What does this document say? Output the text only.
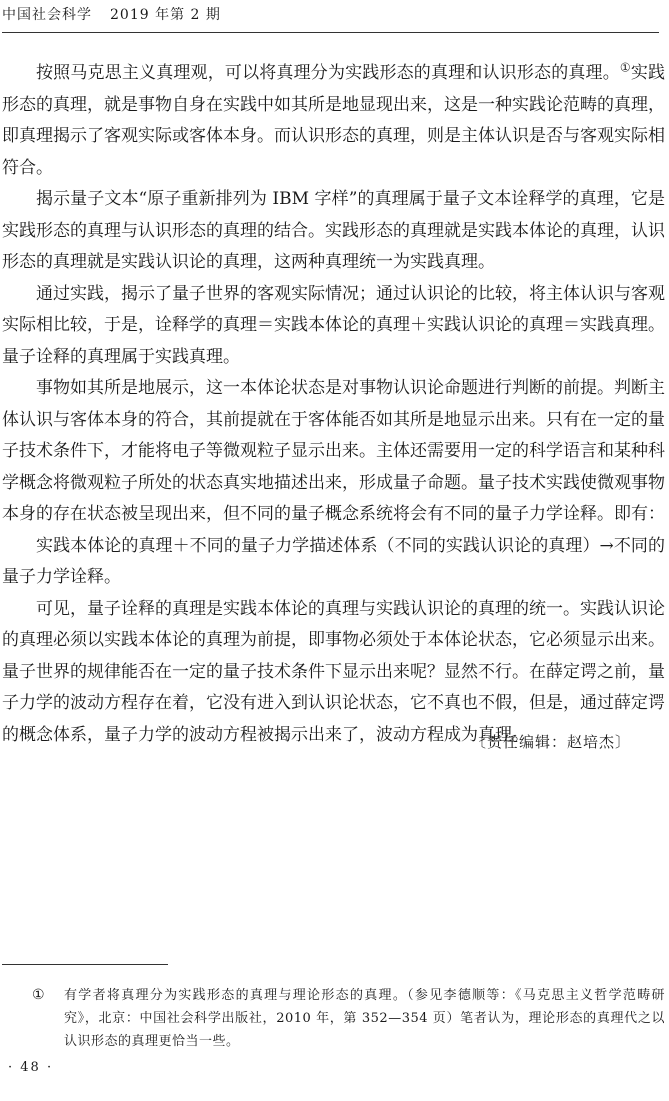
中国社会科学 2019 年第 2 期

按照马克思主义真理观，可以将真理分为实践形态的真理和认识形态的真理。①实践形态的真理，就是事物自身在实践中如其所是地显现出来，这是一种实践论范畴的真理，即真理揭示了客观实际或客体本身。而认识形态的真理，则是主体认识是否与客观实际相符合。

揭示量子文本“原子重新排列为 IBM 字样”的真理属于量子文本诠释学的真理，它是实践形态的真理与认识形态的真理的结合。实践形态的真理就是实践本体论的真理，认识形态的真理就是实践认识论的真理，这两种真理统一为实践真理。

通过实践，揭示了量子世界的客观实际情况；通过认识论的比较，将主体认识与客观实际相比较，于是，诠释学的真理＝实践本体论的真理＋实践认识论的真理＝实践真理。量子诠释的真理属于实践真理。

事物如其所是地展示，这一本体论状态是对事物认识论命题进行判断的前提。判断主体认识与客体本身的符合，其前提就在于客体能否如其所是地显示出来。只有在一定的量子技术条件下，才能将电子等微观粒子显示出来。主体还需要用一定的科学语言和某种科学概念将微观粒子所处的状态真实地描述出来，形成量子命题。量子技术实践使微观事物本身的存在状态被呈现出来，但不同的量子概念系统将会有不同的量子力学诠释。即有：

实践本体论的真理＋不同的量子力学描述体系（不同的实践认识论的真理）→不同的量子力学诠释。

可见，量子诠释的真理是实践本体论的真理与实践认识论的真理的统一。实践认识论的真理必须以实践本体论的真理为前提，即事物必须处于本体论状态，它必须显示出来。量子世界的规律能否在一定的量子技术条件下显示出来呢？显然不行。在薛定谔之前，量子力学的波动方程存在着，它没有进入到认识论状态，它不真也不假，但是，通过薛定谔的概念体系，量子力学的波动方程被揭示出来了，波动方程成为真理。

〔责任编辑：赵培杰〕
① 有学者将真理分为实践形态的真理与理论形态的真理。（参见李德顺等：《马克思主义哲学范畴研究》，北京：中国社会科学出版社，2010 年，第 352—354 页）笔者认为，理论形态的真理代之以认识形态的真理更恰当一些。
· 48 ·
